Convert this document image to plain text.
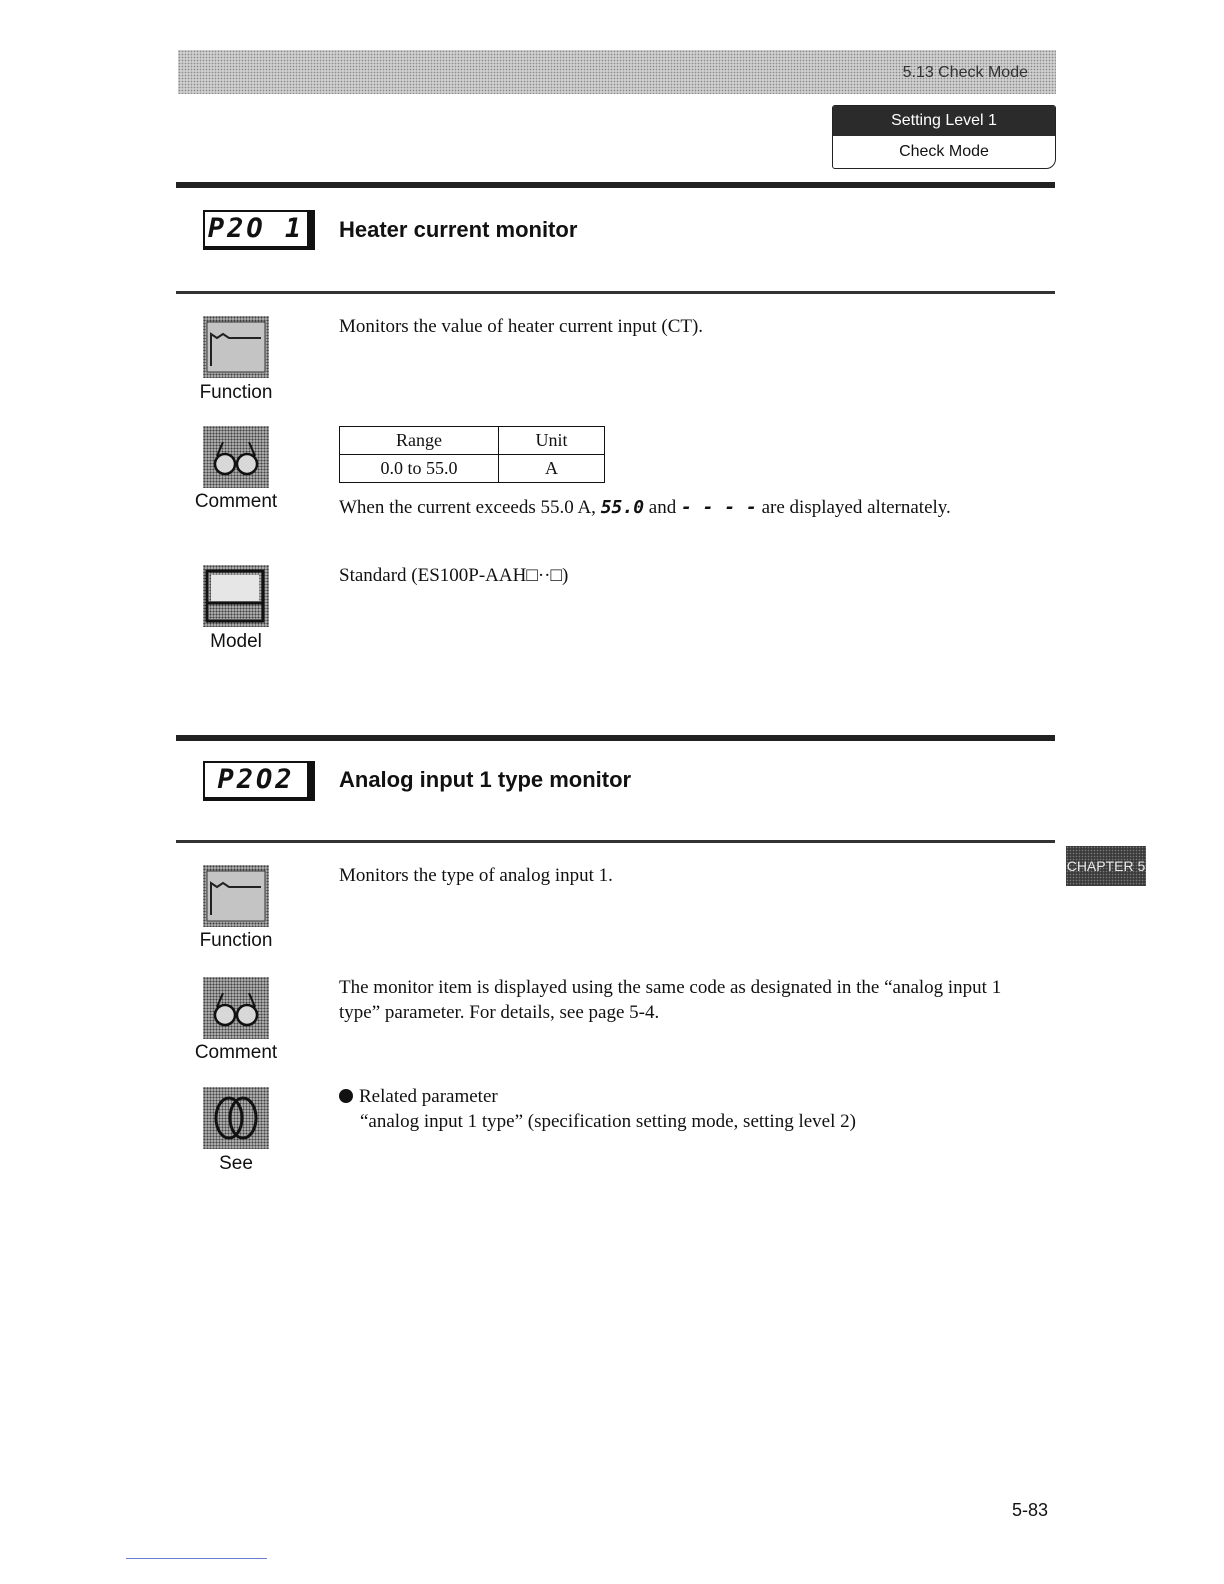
5.13 Check Mode
Setting Level 1
Check Mode
P2O 1	Heater current monitor
Function
Monitors the value of heater current input (CT).
Comment
Range	Unit
0.0 to 55.0	A
When the current exceeds 55.0 A, 55.0 and - - - - are displayed alternately.
Model
Standard (ES100P-AAH□··□)
P2O2	Analog input 1 type monitor
Function
Monitors the type of analog input 1.
Comment
The monitor item is displayed using the same code as designated in the “analog input 1
type” parameter. For details, see page 5-4.
See
Related parameter
“analog input 1 type” (specification setting mode, setting level 2)
CHAPTER 5
5-83
